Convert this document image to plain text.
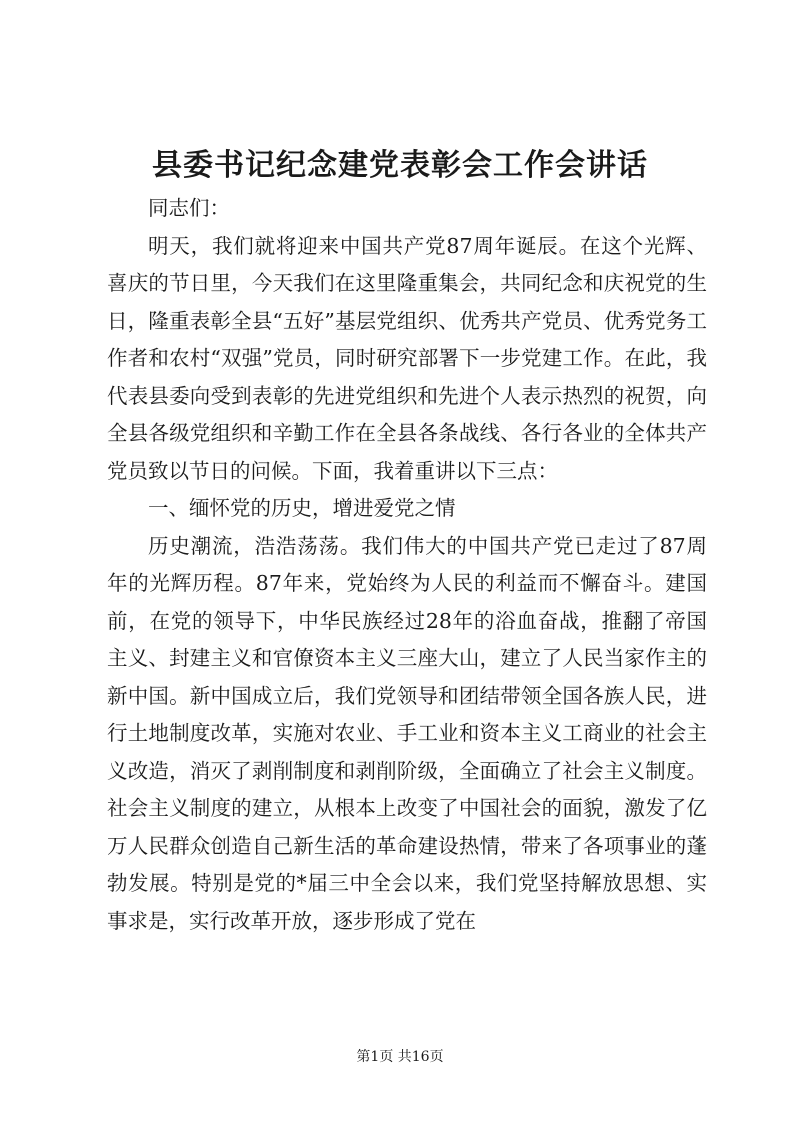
县委书记纪念建党表彰会工作会讲话

同志们：

明天，我们就将迎来中国共产党87周年诞辰。在这个光辉、喜庆的节日里，今天我们在这里隆重集会，共同纪念和庆祝党的生日，隆重表彰全县“五好”基层党组织、优秀共产党员、优秀党务工作者和农村“双强”党员，同时研究部署下一步党建工作。在此，我代表县委向受到表彰的先进党组织和先进个人表示热烈的祝贺，向全县各级党组织和辛勤工作在全县各条战线、各行各业的全体共产党员致以节日的问候。下面，我着重讲以下三点：

一、缅怀党的历史，增进爱党之情

历史潮流，浩浩荡荡。我们伟大的中国共产党已走过了87周年的光辉历程。87年来，党始终为人民的利益而不懈奋斗。建国前，在党的领导下，中华民族经过28年的浴血奋战，推翻了帝国主义、封建主义和官僚资本主义三座大山，建立了人民当家作主的新中国。新中国成立后，我们党领导和团结带领全国各族人民，进行土地制度改革，实施对农业、手工业和资本主义工商业的社会主义改造，消灭了剥削制度和剥削阶级，全面确立了社会主义制度。社会主义制度的建立，从根本上改变了中国社会的面貌，激发了亿万人民群众创造自己新生活的革命建设热情，带来了各项事业的蓬勃发展。特别是党的*届三中全会以来，我们党坚持解放思想、实事求是，实行改革开放，逐步形成了党在

第1页 共16页
